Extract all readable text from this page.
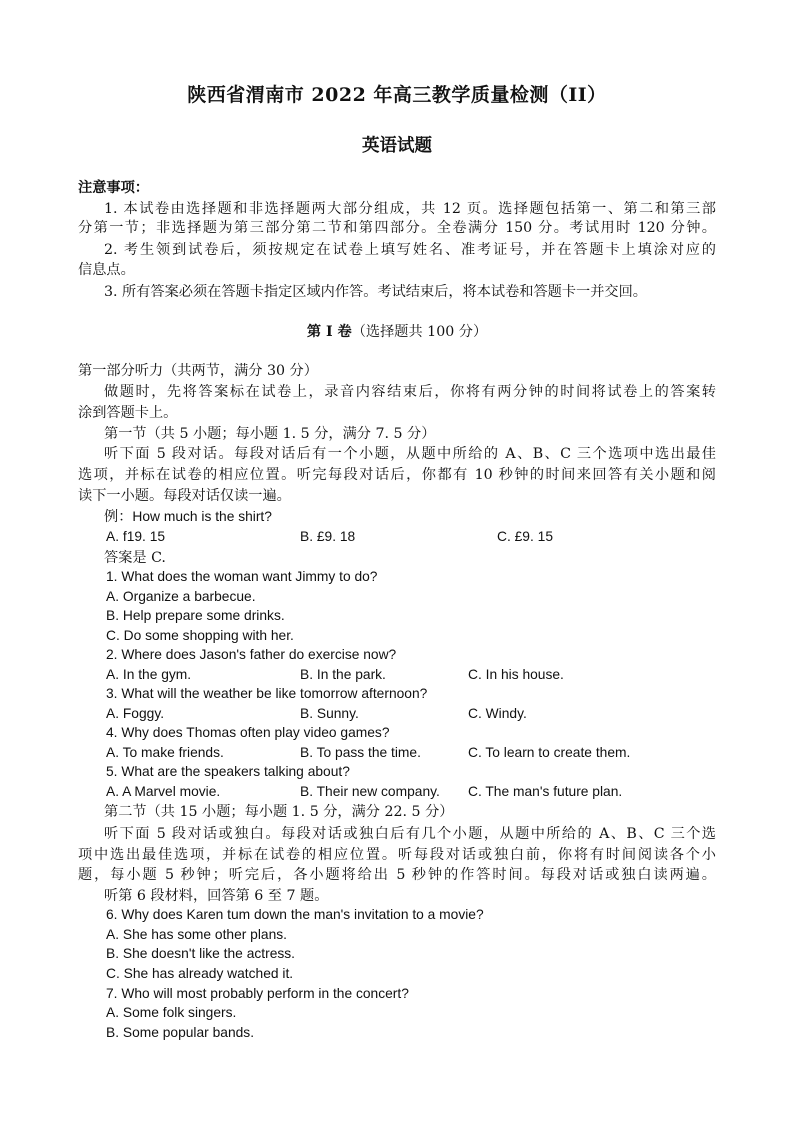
陕西省渭南市 2022 年高三教学质量检测（II）
英语试题
注意事项：
1. 本试卷由选择题和非选择题两大部分组成，共 12 页。选择题包括第一、第二和第三部
分第一节；非选择题为第三部分第二节和第四部分。全卷满分 150 分。考试用时 120 分钟。
2. 考生领到试卷后，须按规定在试卷上填写姓名、准考证号，并在答题卡上填涂对应的
信息点。
3. 所有答案必须在答题卡指定区域内作答。考试结束后，将本试卷和答题卡一并交回。
第 I 卷（选择题共 100 分）
第一部分听力（共两节，满分 30 分）
做题时，先将答案标在试卷上，录音内容结束后，你将有两分钟的时间将试卷上的答案转
涂到答题卡上。
第一节（共 5 小题；每小题 1. 5 分，满分 7. 5 分）
听下面 5 段对话。每段对话后有一个小题，从题中所给的 A、B、C 三个选项中选出最佳
选项，并标在试卷的相应位置。听完每段对话后，你都有 10 秒钟的时间来回答有关小题和阅
读下一小题。每段对话仅读一遍。
例：How much is the shirt?
A. f19. 15	B. £9. 18	C. £9. 15
答案是 C.
1. What does the woman want Jimmy to do?
A. Organize a barbecue.
B. Help prepare some drinks.
C. Do some shopping with her.
2. Where does Jason's father do exercise now?
A. In the gym.	B. In the park.	C. In his house.
3. What will the weather be like tomorrow afternoon?
A. Foggy.	B. Sunny.	C. Windy.
4. Why does Thomas often play video games?
A. To make friends.	B. To pass the time.	C. To learn to create them.
5. What are the speakers talking about?
A. A Marvel movie.	B. Their new company. C. The man's future plan.
第二节（共 15 小题；每小题 1. 5 分，满分 22. 5 分）
听下面 5 段对话或独白。每段对话或独白后有几个小题，从题中所给的 A、B、C 三个选
项中选出最佳选项，并标在试卷的相应位置。听每段对话或独白前，你将有时间阅读各个小
题，每小题 5 秒钟；听完后，各小题将给出 5 秒钟的作答时间。每段对话或独白读两遍。
听第 6 段材料，回答第 6 至 7 题。
6. Why does Karen tum down the man's invitation to a movie?
A. She has some other plans.
B. She doesn't like the actress.
C. She has already watched it.
7. Who will most probably perform in the concert?
A. Some folk singers.
B. Some popular bands.
